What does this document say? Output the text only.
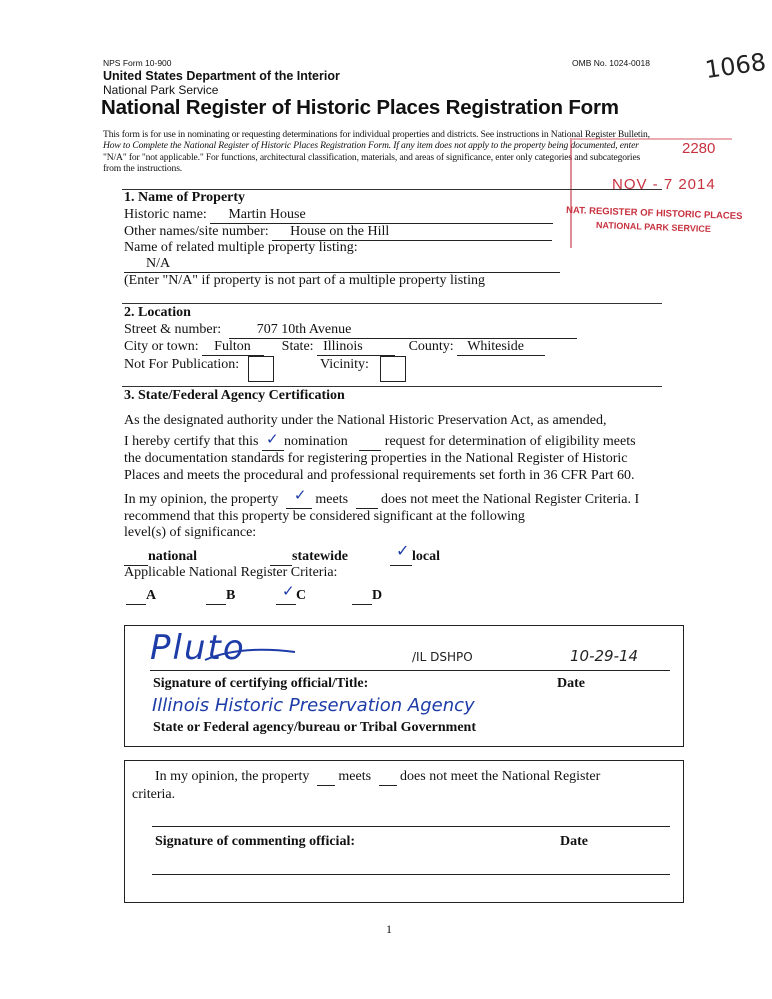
NPS Form 10-900	OMB No. 1024-0018 1068
United States Department of the Interior
National Park Service
National Register of Historic Places Registration Form
This form is for use in nominating or requesting determinations for individual properties and districts. See instructions in National Register Bulletin,
How to Complete the National Register of Historic Places Registration Form. If any item does not apply to the property being documented, enter
"N/A" for "not applicable." For functions, architectural classification, materials, and areas of significance, enter only categories and subcategories
from the instructions.
2280
NOV - 7 2014
NAT. REGISTER OF HISTORIC PLACES
NATIONAL PARK SERVICE
1. Name of Property
Historic name: Martin House
Other names/site number: House on the Hill
Name of related multiple property listing:
N/A
(Enter "N/A" if property is not part of a multiple property listing
2. Location
Street & number:	707 10th Avenue
City or town: Fulton State: Illinois	County: Whiteside
Not For Publication:	Vicinity:
3. State/Federal Agency Certification
As the designated authority under the National Historic Preservation Act, as amended,
I hereby certify that this ✓ nomination	request for determination of eligibility meets
the documentation standards for registering properties in the National Register of Historic
Places and meets the procedural and professional requirements set forth in 36 CFR Part 60.
In my opinion, the property ✓ meets does not meet the National Register Criteria. I
recommend that this property be considered significant at the following
level(s) of significance:
national	statewide	✓ local
Applicable National Register Criteria:
A	B	✓ C	D
Pluto	/IL DSHPO	10-29-14
Signature of certifying official/Title:	Date
Illinois Historic Preservation Agency
State or Federal agency/bureau or Tribal Government
In my opinion, the property meets does not meet the National Register
criteria.
Signature of commenting official:	Date
1
